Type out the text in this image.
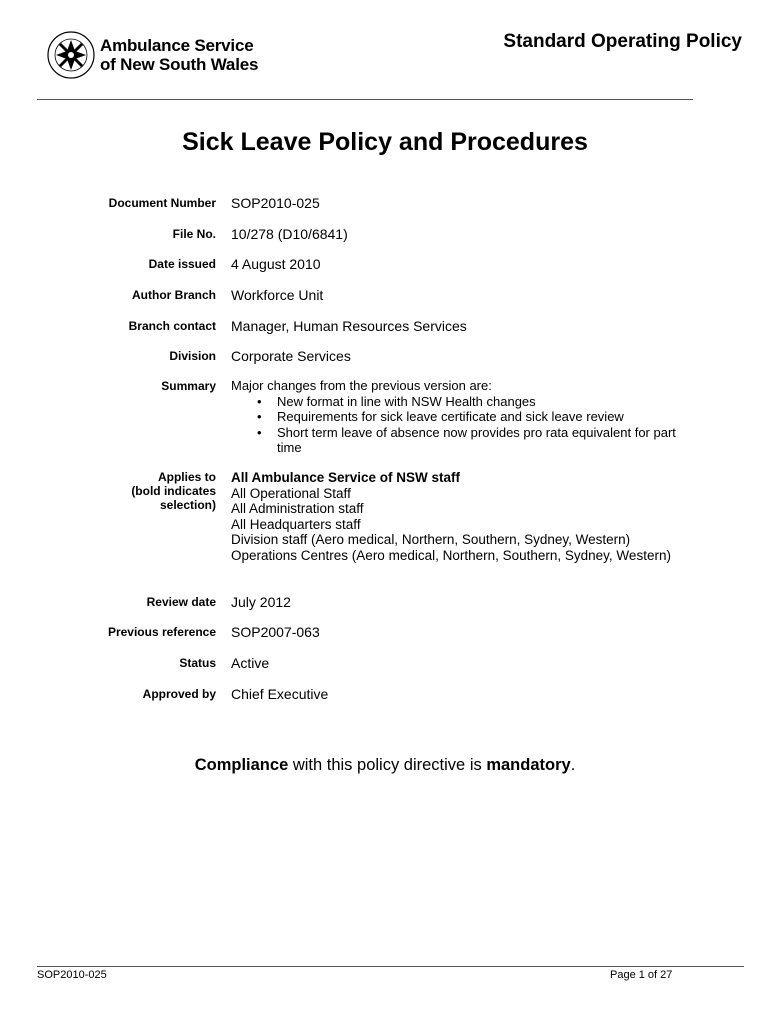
Ambulance Service
of New South Wales
Standard Operating Policy
Sick Leave Policy and Procedures
Document Number SOP2010-025
File No. 10/278 (D10/6841)
Date issued 4 August 2010
Author Branch Workforce Unit
Branch contact Manager, Human Resources Services
Division Corporate Services
Summary Major changes from the previous version are:
• New format in line with NSW Health changes
• Requirements for sick leave certificate and sick leave review
• Short term leave of absence now provides pro rata equivalent for part time
Applies to
(bold indicates
selection)
All Ambulance Service of NSW staff
All Operational Staff
All Administration staff
All Headquarters staff
Division staff (Aero medical, Northern, Southern, Sydney, Western)
Operations Centres (Aero medical, Northern, Southern, Sydney, Western)
Review date July 2012
Previous reference SOP2007-063
Status Active
Approved by Chief Executive
Compliance with this policy directive is mandatory.
SOP2010-025	Page 1 of 27
